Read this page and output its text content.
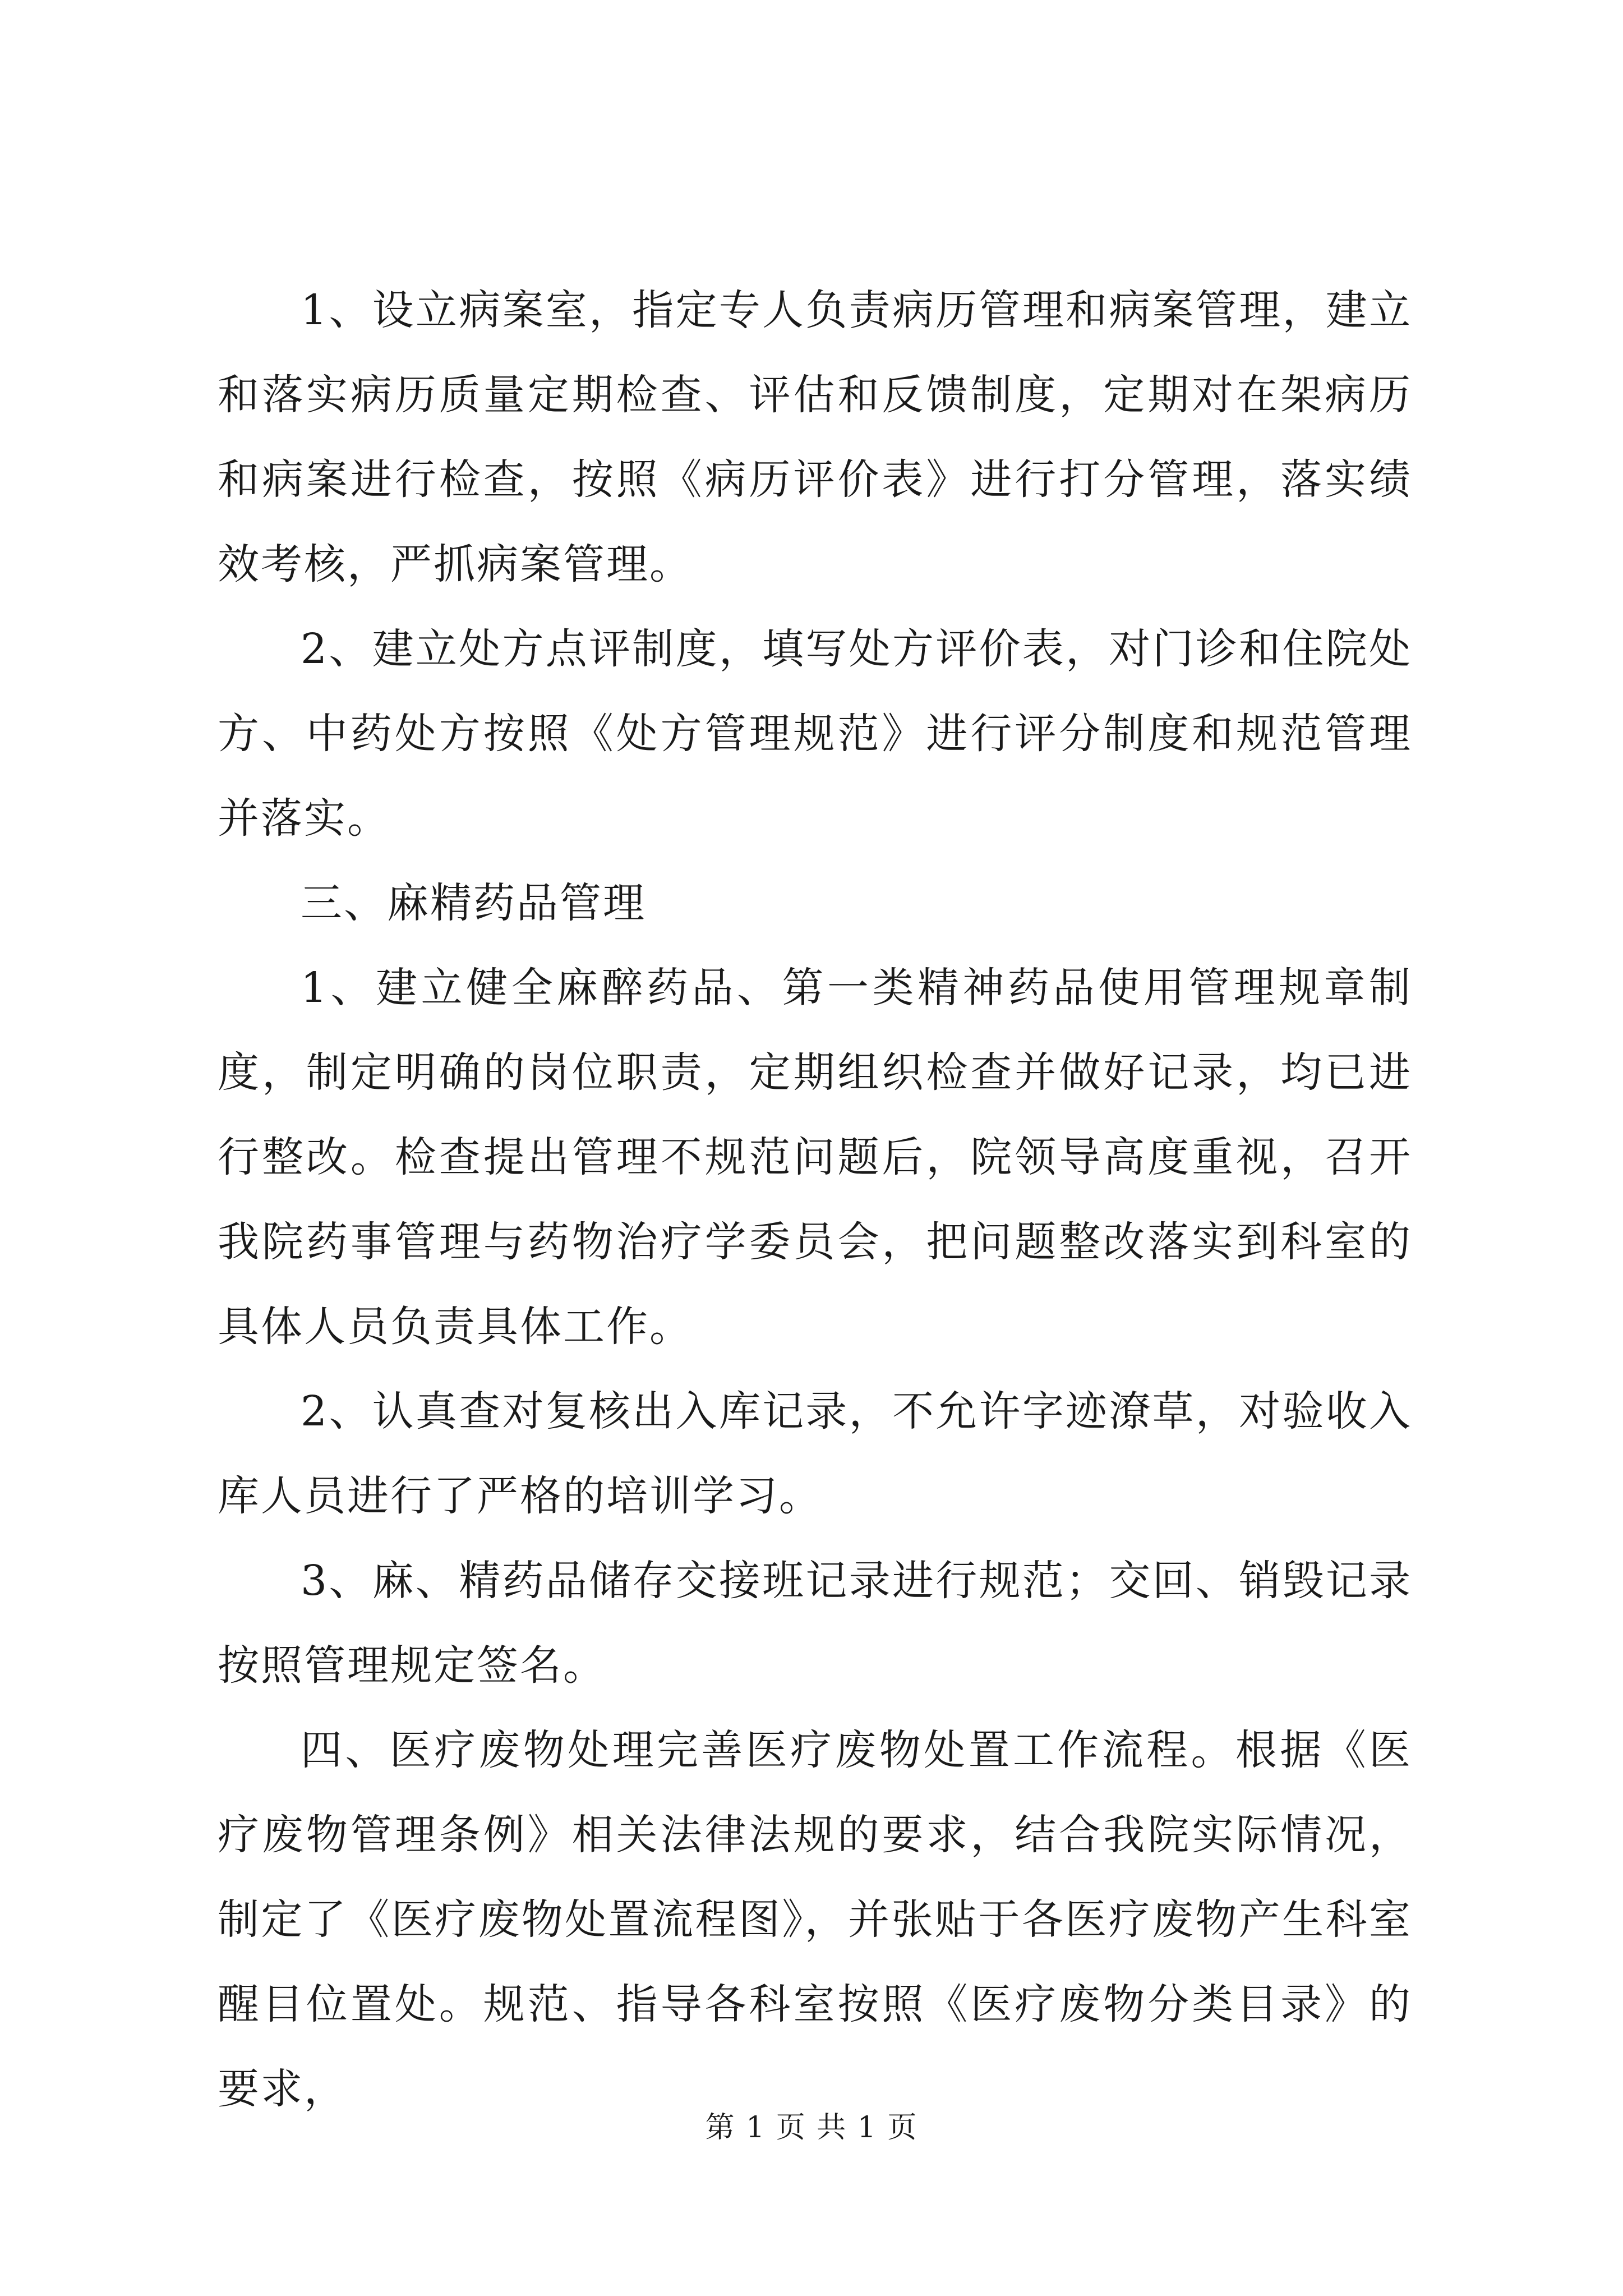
1、设立病案室，指定专人负责病历管理和病案管理，建立和落实病历质量定期检查、评估和反馈制度，定期对在架病历和病案进行检查，按照《病历评价表》进行打分管理，落实绩效考核，严抓病案管理。

2、建立处方点评制度，填写处方评价表，对门诊和住院处方、中药处方按照《处方管理规范》进行评分制度和规范管理并落实。

三、麻精药品管理

1、建立健全麻醉药品、第一类精神药品使用管理规章制度，制定明确的岗位职责，定期组织检查并做好记录，均已进行整改。检查提出管理不规范问题后，院领导高度重视，召开我院药事管理与药物治疗学委员会，把问题整改落实到科室的具体人员负责具体工作。

2、认真查对复核出入库记录，不允许字迹潦草，对验收入库人员进行了严格的培训学习。

3、麻、精药品储存交接班记录进行规范；交回、销毁记录按照管理规定签名。

四、医疗废物处理完善医疗废物处置工作流程。根据《医疗废物管理条例》相关法律法规的要求，结合我院实际情况，制定了《医疗废物处置流程图》，并张贴于各医疗废物产生科室醒目位置处。规范、指导各科室按照《医疗废物分类目录》的要求，

第 1 页 共 1 页
